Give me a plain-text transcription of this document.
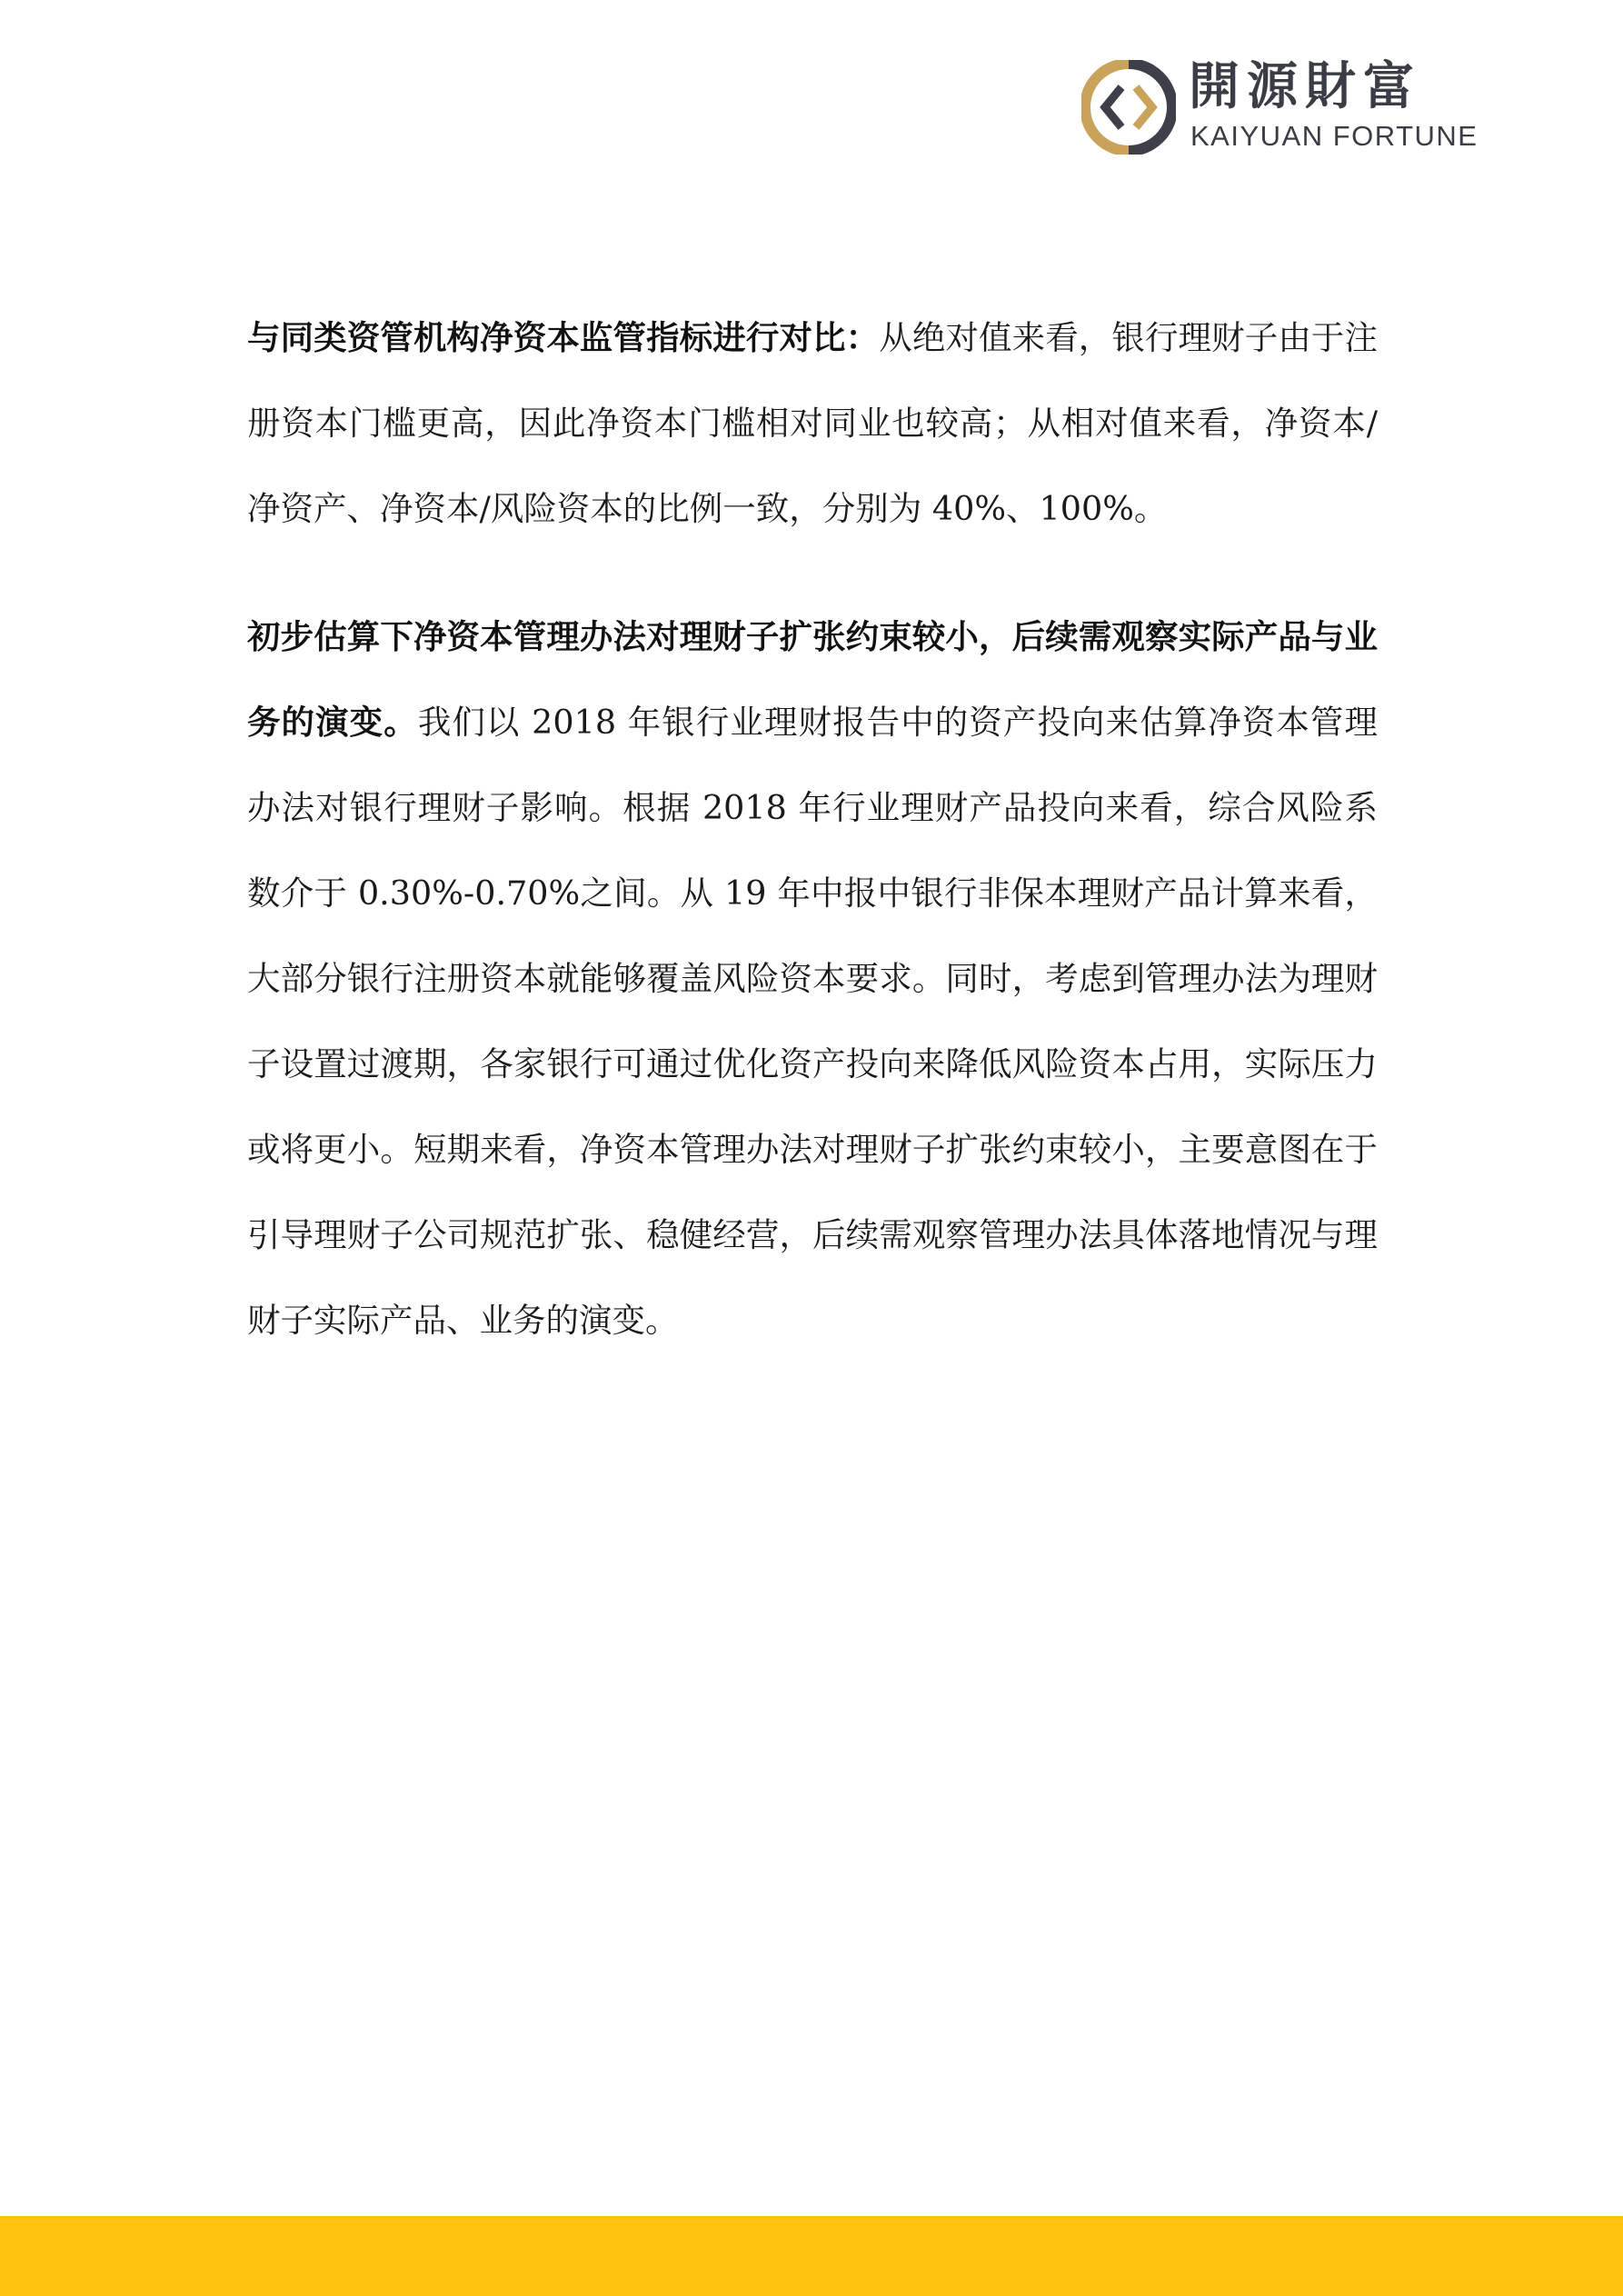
開源財富
KAIYUAN FORTUNE

与同类资管机构净资本监管指标进行对比：从绝对值来看，银行理财子由于注册资本门槛更高，因此净资本门槛相对同业也较高；从相对值来看，净资本/净资产、净资本/风险资本的比例一致，分别为 40%、100%。

初步估算下净资本管理办法对理财子扩张约束较小，后续需观察实际产品与业务的演变。我们以 2018 年银行业理财报告中的资产投向来估算净资本管理办法对银行理财子影响。根据 2018 年行业理财产品投向来看，综合风险系数介于 0.30%-0.70%之间。从 19 年中报中银行非保本理财产品计算来看，大部分银行注册资本就能够覆盖风险资本要求。同时，考虑到管理办法为理财子设置过渡期，各家银行可通过优化资产投向来降低风险资本占用，实际压力或将更小。短期来看，净资本管理办法对理财子扩张约束较小，主要意图在于引导理财子公司规范扩张、稳健经营，后续需观察管理办法具体落地情况与理财子实际产品、业务的演变。
